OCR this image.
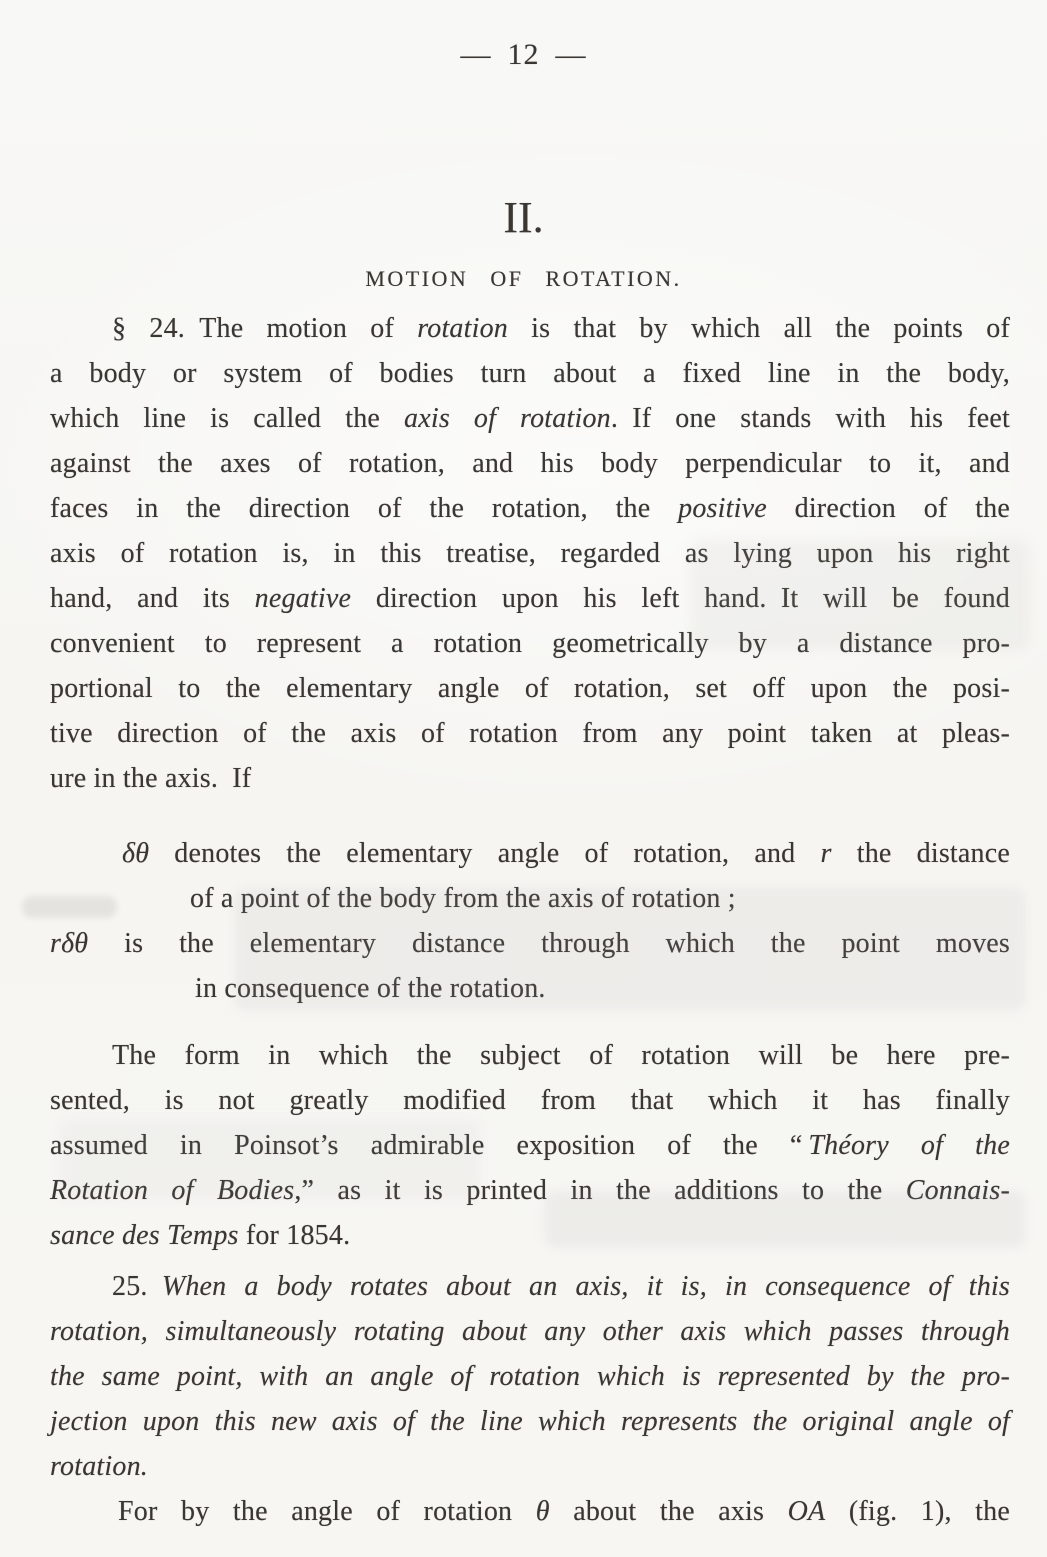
— 12 —
II.
MOTION OF ROTATION.
§ 24. The motion of rotation is that by which all the points of
a body or system of bodies turn about a fixed line in the body,
which line is called the axis of rotation. If one stands with his feet
against the axes of rotation, and his body perpendicular to it, and
faces in the direction of the rotation, the positive direction of the
axis of rotation is, in this treatise, regarded as lying upon his right
hand, and its negative direction upon his left hand. It will be found
convenient to represent a rotation geometrically by a distance pro-
portional to the elementary angle of rotation, set off upon the posi-
tive direction of the axis of rotation from any point taken at pleas-
ure in the axis. If
δθ denotes the elementary angle of rotation, and r the distance
of a point of the body from the axis of rotation ;
rδθ is the elementary distance through which the point moves
in consequence of the rotation.
The form in which the subject of rotation will be here pre-
sented, is not greatly modified from that which it has finally
assumed in Poinsot’s admirable exposition of the “ Théory of the
Rotation of Bodies,” as it is printed in the additions to the Connais-
sance des Temps for 1854.
25. When a body rotates about an axis, it is, in consequence of this
rotation, simultaneously rotating about any other axis which passes through
the same point, with an angle of rotation which is represented by the pro-
jection upon this new axis of the line which represents the original angle of
rotation.
For by the angle of rotation θ about the axis OA (fig. 1), the
